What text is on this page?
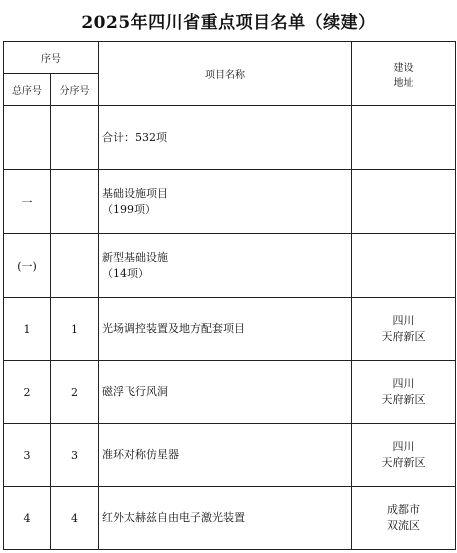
2025年四川省重点项目名单（续建）
序号		项目名称	建设
地址

总序号	分序号		

		合计：532项	

一		基础设施项目
（199项）	

(一)		新型基础设施
（14项）	

1	1	光场调控装置及地方配套项目	四川
天府新区

2	2	磁浮飞行风洞	四川
天府新区

3	3	准环对称仿星器	四川
天府新区

4	4	红外太赫兹自由电子激光装置	成都市
双流区
